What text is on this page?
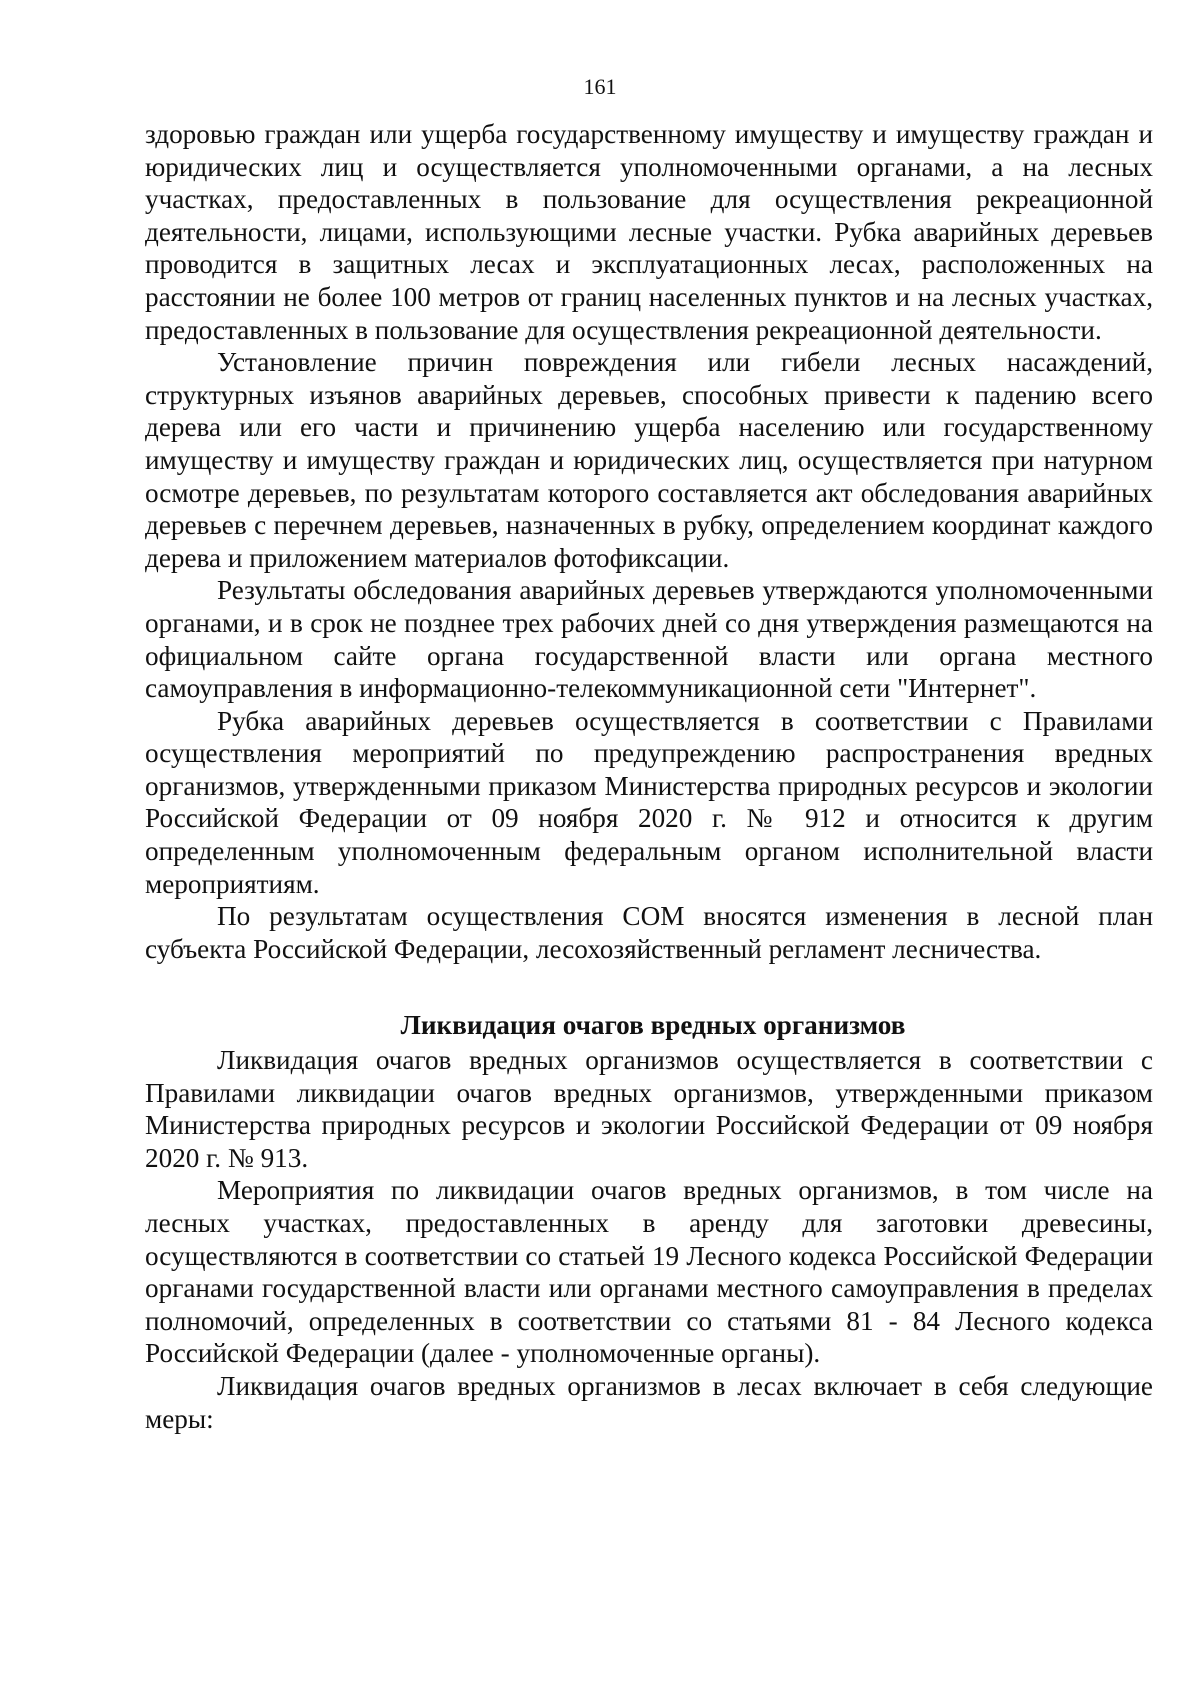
161

здоровью граждан или ущерба государственному имуществу и имуществу граждан и юридических лиц и осуществляется уполномоченными органами, а на лесных участках, предоставленных в пользование для осуществления рекреационной деятельности, лицами, использующими лесные участки. Рубка аварийных деревьев проводится в защитных лесах и эксплуатационных лесах, расположенных на расстоянии не более 100 метров от границ населенных пунктов и на лесных участках, предоставленных в пользование для осуществления рекреационной деятельности.

Установление причин повреждения или гибели лесных насаждений, структурных изъянов аварийных деревьев, способных привести к падению всего дерева или его части и причинению ущерба населению или государственному имуществу и имуществу граждан и юридических лиц, осуществляется при натурном осмотре деревьев, по результатам которого составляется акт обследования аварийных деревьев с перечнем деревьев, назначенных в рубку, определением координат каждого дерева и приложением материалов фотофиксации.

Результаты обследования аварийных деревьев утверждаются уполномоченными органами, и в срок не позднее трех рабочих дней со дня утверждения размещаются на официальном сайте органа государственной власти или органа местного самоуправления в информационно-телекоммуникационной сети "Интернет".

Рубка аварийных деревьев осуществляется в соответствии с Правилами осуществления мероприятий по предупреждению распространения вредных организмов, утвержденными приказом Министерства природных ресурсов и экологии Российской Федерации от 09 ноября 2020 г. № 912 и относится к другим определенным уполномоченным федеральным органом исполнительной власти мероприятиям.

По результатам осуществления СОМ вносятся изменения в лесной план субъекта Российской Федерации, лесохозяйственный регламент лесничества.

Ликвидация очагов вредных организмов

Ликвидация очагов вредных организмов осуществляется в соответствии с Правилами ликвидации очагов вредных организмов, утвержденными приказом Министерства природных ресурсов и экологии Российской Федерации от 09 ноября 2020 г. № 913.

Мероприятия по ликвидации очагов вредных организмов, в том числе на лесных участках, предоставленных в аренду для заготовки древесины, осуществляются в соответствии со статьей 19 Лесного кодекса Российской Федерации органами государственной власти или органами местного самоуправления в пределах полномочий, определенных в соответствии со статьями 81 - 84 Лесного кодекса Российской Федерации (далее - уполномоченные органы).

Ликвидация очагов вредных организмов в лесах включает в себя следующие меры:
